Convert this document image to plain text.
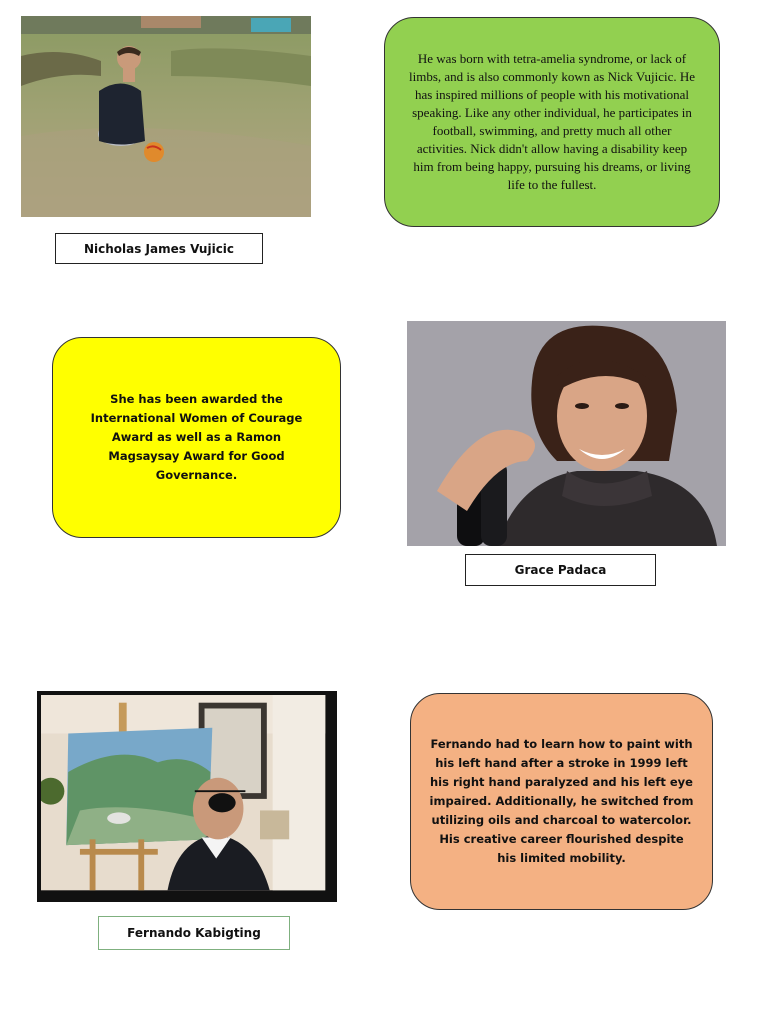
Nicholas James Vujicic

He was born with tetra-amelia syndrome, or lack of limbs, and is also commonly kown as Nick Vujicic. He has inspired millions of people with his motivational speaking. Like any other individual, he participates in football, swimming, and pretty much all other activities. Nick didn't allow having a disability keep him from being happy, pursuing his dreams, or living life to the fullest.

She has been awarded the International Women of Courage Award as well as a Ramon Magsaysay Award for Good Governance.

Grace Padaca
Fernando Kabigting

Fernando had to learn how to paint with his left hand after a stroke in 1999 left his right hand paralyzed and his left eye impaired. Additionally, he switched from utilizing oils and charcoal to watercolor. His creative career flourished despite his limited mobility.
